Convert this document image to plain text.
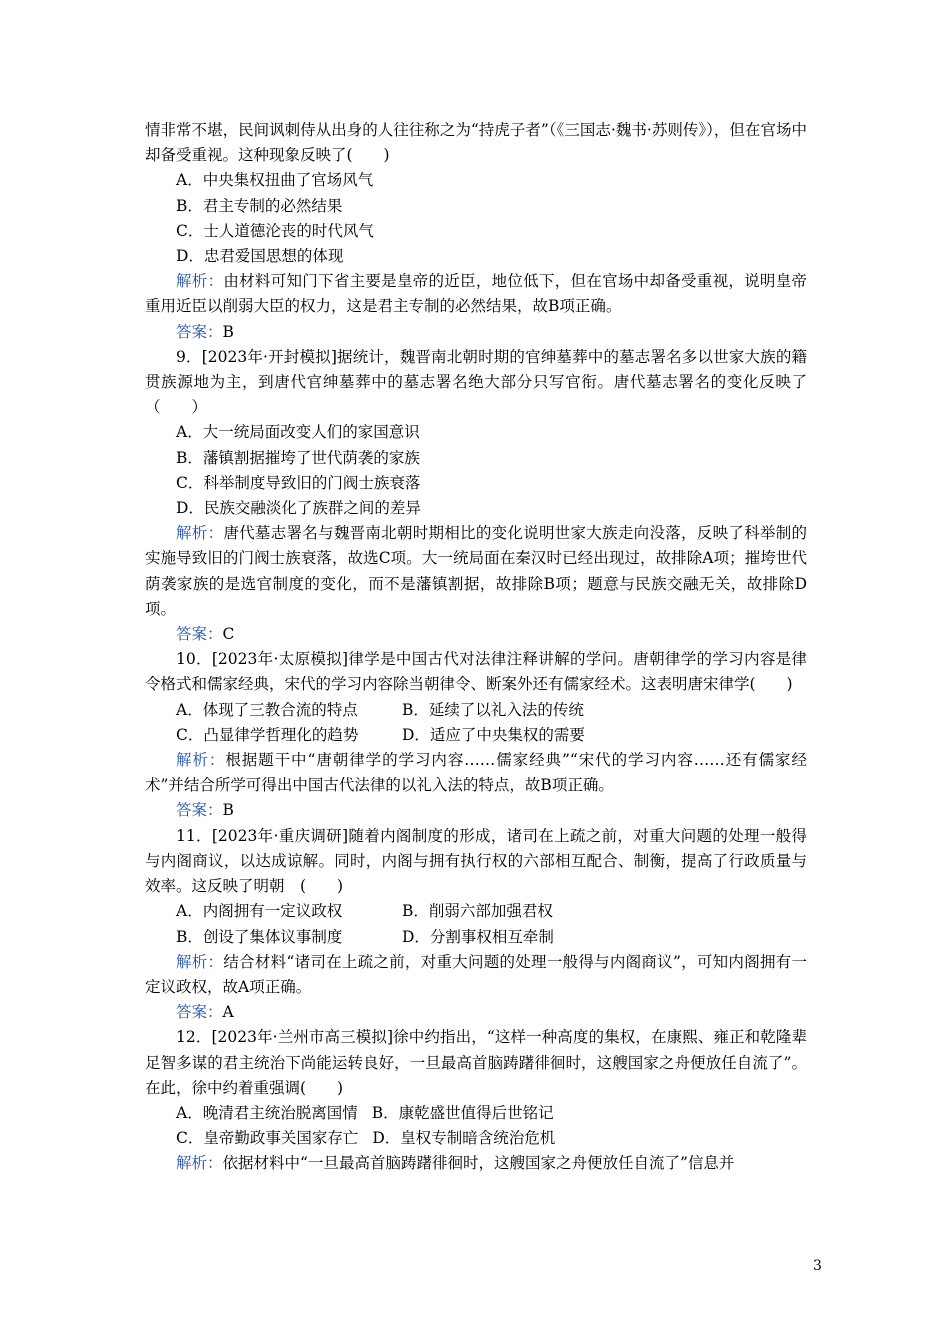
情非常不堪，民间讽刺侍从出身的人往往称之为“持虎子者”（《三国志·魏书·苏则传》），但在官场中却备受重视。这种现象反映了(　　)

A．中央集权扭曲了官场风气

B．君主专制的必然结果

C．士人道德沦丧的时代风气

D．忠君爱国思想的体现

解析：由材料可知门下省主要是皇帝的近臣，地位低下，但在官场中却备受重视，说明皇帝重用近臣以削弱大臣的权力，这是君主专制的必然结果，故B项正确。

答案：B

9．[2023年·开封模拟]据统计，魏晋南北朝时期的官绅墓葬中的墓志署名多以世家大族的籍贯族源地为主，到唐代官绅墓葬中的墓志署名绝大部分只写官衔。唐代墓志署名的变化反映了（　　）

A．大一统局面改变人们的家国意识

B．藩镇割据摧垮了世代荫袭的家族

C．科举制度导致旧的门阀士族衰落

D．民族交融淡化了族群之间的差异

解析：唐代墓志署名与魏晋南北朝时期相比的变化说明世家大族走向没落，反映了科举制的实施导致旧的门阀士族衰落，故选C项。大一统局面在秦汉时已经出现过，故排除A项；摧垮世代荫袭家族的是选官制度的变化，而不是藩镇割据，故排除B项；题意与民族交融无关，故排除D项。

答案：C

10．[2023年·太原模拟]律学是中国古代对法律注释讲解的学问。唐朝律学的学习内容是律令格式和儒家经典，宋代的学习内容除当朝律令、断案外还有儒家经术。这表明唐宋律学(　　)

A．体现了三教合流的特点	B．延续了以礼入法的传统
C．凸显律学哲理化的趋势	D．适应了中央集权的需要

解析：根据题干中“唐朝律学的学习内容……儒家经典”“宋代的学习内容……还有儒家经术”并结合所学可得出中国古代法律的以礼入法的特点，故B项正确。

答案：B

11．[2023年·重庆调研]随着内阁制度的形成，诸司在上疏之前，对重大问题的处理一般得与内阁商议，以达成谅解。同时，内阁与拥有执行权的六部相互配合、制衡，提高了行政质量与效率。这反映了明朝　(　　)

A．内阁拥有一定议政权	B．削弱六部加强君权
B．创设了集体议事制度	D．分割事权相互牵制

解析：结合材料“诸司在上疏之前，对重大问题的处理一般得与内阁商议”，可知内阁拥有一定议政权，故A项正确。

答案：A

12．[2023年·兰州市高三模拟]徐中约指出，“这样一种高度的集权，在康熙、雍正和乾隆辈足智多谋的君主统治下尚能运转良好，一旦最高首脑踌躇徘徊时，这艘国家之舟便放任自流了”。在此，徐中约着重强调(　　)

A．晚清君主统治脱离国情 B．康乾盛世值得后世铭记
C．皇帝勤政事关国家存亡 D．皇权专制暗含统治危机

解析：依据材料中“一旦最高首脑踌躇徘徊时，这艘国家之舟便放任自流了”信息并

3
